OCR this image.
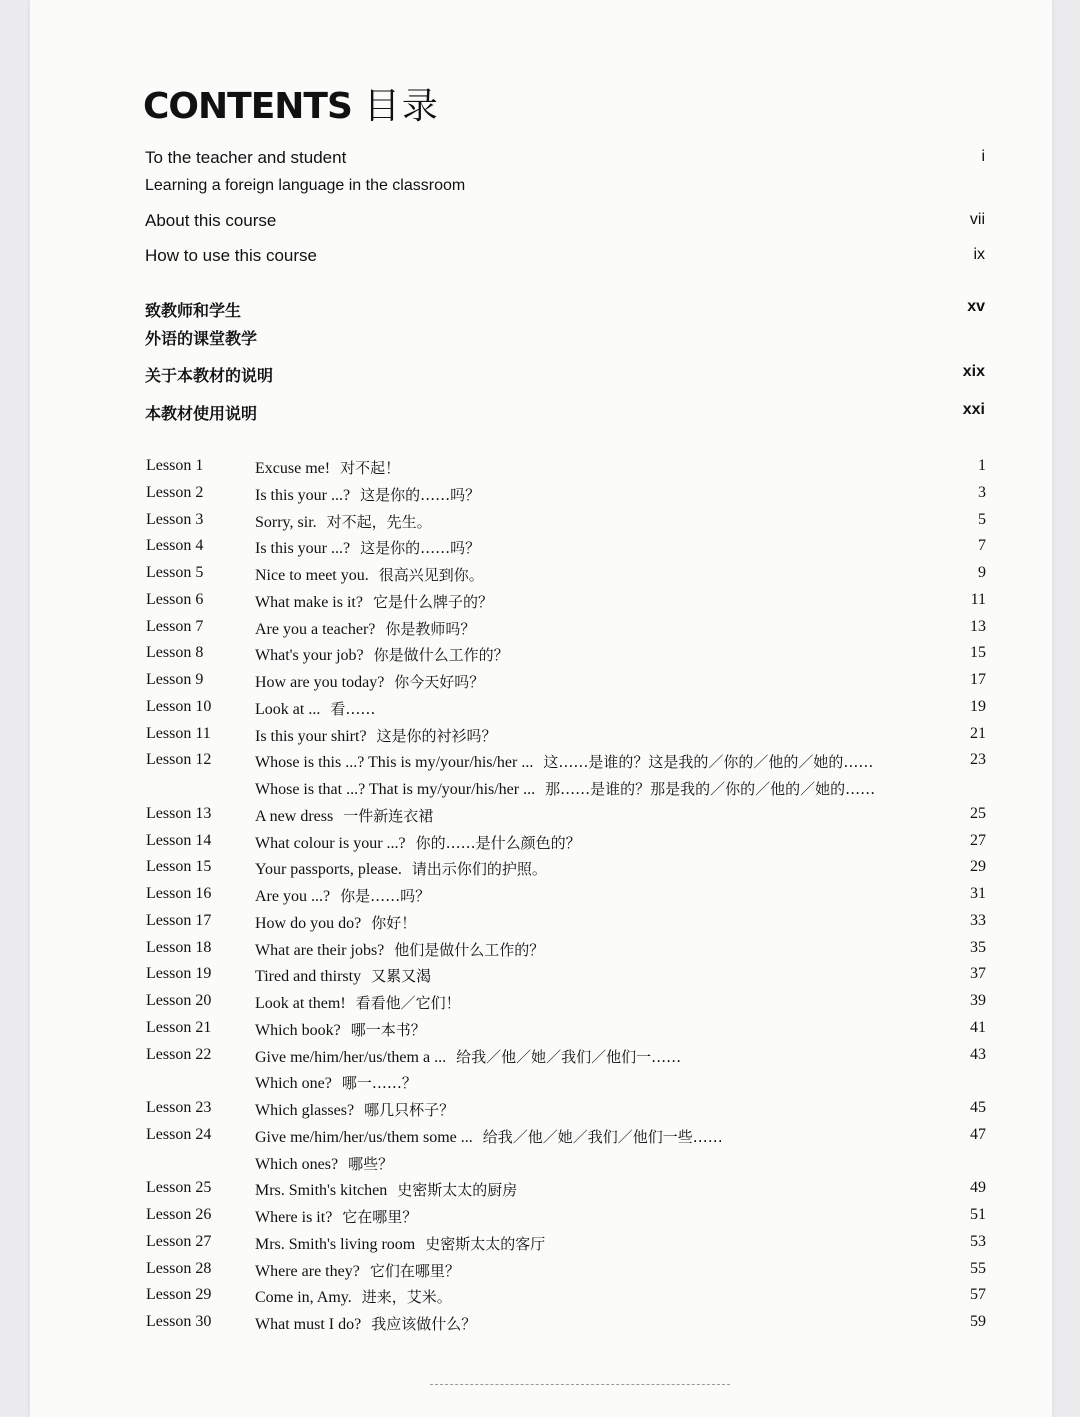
CONTENTS 目录
To the teacher and student	i
Learning a foreign language in the classroom
About this course	vii
How to use this course	ix
致教师和学生	xv
外语的课堂教学
关于本教材的说明	xix
本教材使用说明	xxi
Lesson 1	Excuse me! 对不起！	1
Lesson 2	Is this your ...? 这是你的……吗？	3
Lesson 3	Sorry, sir. 对不起，先生。	5
Lesson 4	Is this your ...? 这是你的……吗？	7
Lesson 5	Nice to meet you. 很高兴见到你。	9
Lesson 6	What make is it? 它是什么牌子的？	11
Lesson 7	Are you a teacher? 你是教师吗？	13
Lesson 8	What's your job? 你是做什么工作的？	15
Lesson 9	How are you today? 你今天好吗？	17
Lesson 10	Look at ... 看……	19
Lesson 11	Is this your shirt? 这是你的衬衫吗？	21
Lesson 12	Whose is this ...? This is my/your/his/her ... 这……是谁的？这是我的／你的／他的／她的……	23
Whose is that ...? That is my/your/his/her ... 那……是谁的？那是我的／你的／他的／她的……
Lesson 13	A new dress 一件新连衣裙	25
Lesson 14	What colour is your ...? 你的……是什么颜色的？	27
Lesson 15	Your passports, please. 请出示你们的护照。	29
Lesson 16	Are you ...? 你是……吗？	31
Lesson 17	How do you do? 你好！	33
Lesson 18	What are their jobs? 他们是做什么工作的？	35
Lesson 19	Tired and thirsty 又累又渴	37
Lesson 20	Look at them! 看看他／它们！	39
Lesson 21	Which book? 哪一本书？	41
Lesson 22	Give me/him/her/us/them a ... 给我／他／她／我们／他们一……	43
Which one? 哪一……？
Lesson 23	Which glasses? 哪几只杯子？	45
Lesson 24	Give me/him/her/us/them some ... 给我／他／她／我们／他们一些……	47
Which ones? 哪些？
Lesson 25	Mrs. Smith's kitchen 史密斯太太的厨房	49
Lesson 26	Where is it? 它在哪里？	51
Lesson 27	Mrs. Smith's living room 史密斯太太的客厅	53
Lesson 28	Where are they? 它们在哪里？	55
Lesson 29	Come in, Amy. 进来，艾米。	57
Lesson 30	What must I do? 我应该做什么？	59
